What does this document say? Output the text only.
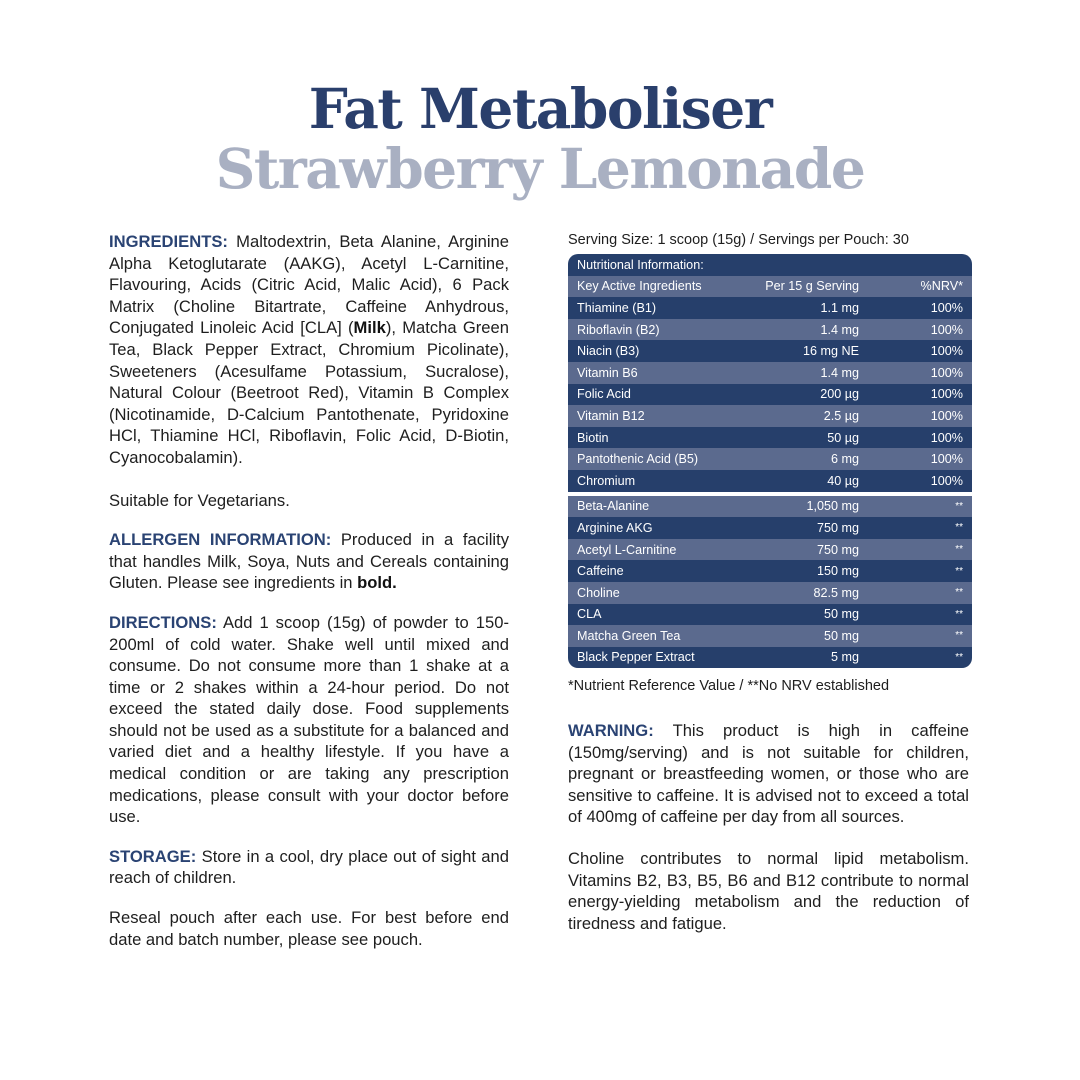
Fat Metaboliser
Strawberry Lemonade

INGREDIENTS: Maltodextrin, Beta Alanine, Arginine Alpha Ketoglutarate (AAKG), Acetyl L-Carnitine, Flavouring, Acids (Citric Acid, Malic Acid), 6 Pack Matrix (Choline Bitartrate, Caffeine Anhydrous, Conjugated Linoleic Acid [CLA] (Milk), Matcha Green Tea, Black Pepper Extract, Chromium Picolinate), Sweeteners (Acesulfame Potassium, Sucralose), Natural Colour (Beetroot Red), Vitamin B Complex (Nicotinamide, D-Calcium Pantothenate, Pyridoxine HCl, Thiamine HCl, Riboflavin, Folic Acid, D-Biotin, Cyanocobalamin).

Suitable for Vegetarians.

ALLERGEN INFORMATION: Produced in a facility that handles Milk, Soya, Nuts and Cereals containing Gluten. Please see ingredients in bold.

DIRECTIONS: Add 1 scoop (15g) of powder to 150-200ml of cold water. Shake well until mixed and consume. Do not consume more than 1 shake at a time or 2 shakes within a 24-hour period. Do not exceed the stated daily dose. Food supplements should not be used as a substitute for a balanced and varied diet and a healthy lifestyle. If you have a medical condition or are taking any prescription medications, please consult with your doctor before use.

STORAGE: Store in a cool, dry place out of sight and reach of children.

Reseal pouch after each use. For best before end date and batch number, please see pouch.

Serving Size: 1 scoop (15g) / Servings per Pouch: 30
Nutritional Information:
Key Active Ingredients	Per 15 g Serving	%NRV*
Thiamine (B1)	1.1 mg	100%
Riboflavin (B2)	1.4 mg	100%
Niacin (B3)	16 mg NE	100%
Vitamin B6	1.4 mg	100%
Folic Acid	200 µg	100%
Vitamin B12	2.5 µg	100%
Biotin	50 µg	100%
Pantothenic Acid (B5)	6 mg	100%
Chromium	40 µg	100%
Beta-Alanine	1,050 mg	**
Arginine AKG	750 mg	**
Acetyl L-Carnitine	750 mg	**
Caffeine	150 mg	**
Choline	82.5 mg	**
CLA	50 mg	**
Matcha Green Tea	50 mg	**
Black Pepper Extract	5 mg	**
*Nutrient Reference Value / **No NRV established

WARNING: This product is high in caffeine (150mg/serving) and is not suitable for children, pregnant or breastfeeding women, or those who are sensitive to caffeine. It is advised not to exceed a total of 400mg of caffeine per day from all sources.

Choline contributes to normal lipid metabolism. Vitamins B2, B3, B5, B6 and B12 contribute to normal energy-yielding metabolism and the reduction of tiredness and fatigue.
